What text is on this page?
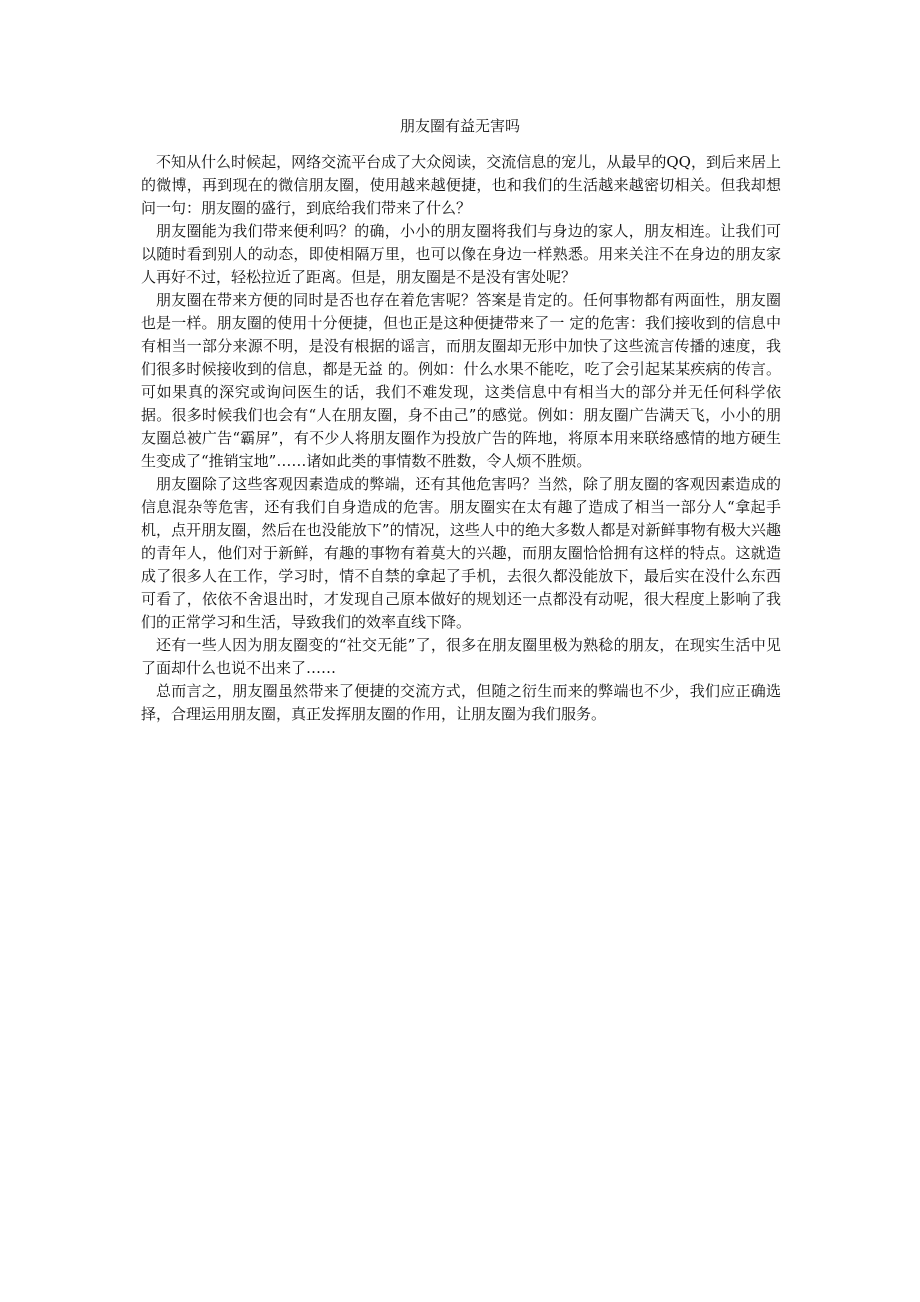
朋友圈有益无害吗

不知从什么时候起，网络交流平台成了大众阅读，交流信息的宠儿，从最早的QQ，到后来居上的微博，再到现在的微信朋友圈，使用越来越便捷，也和我们的生活越来越密切相关。但我却想问一句：朋友圈的盛行，到底给我们带来了什么？

朋友圈能为我们带来便利吗？的确，小小的朋友圈将我们与身边的家人，朋友相连。让我们可以随时看到别人的动态，即使相隔万里，也可以像在身边一样熟悉。用来关注不在身边的朋友家人再好不过，轻松拉近了距离。但是，朋友圈是不是没有害处呢？

朋友圈在带来方便的同时是否也存在着危害呢？答案是肯定的。任何事物都有两面性，朋友圈也是一样。朋友圈的使用十分便捷，但也正是这种便捷带来了一 定的危害：我们接收到的信息中有相当一部分来源不明，是没有根据的谣言，而朋友圈却无形中加快了这些流言传播的速度，我们很多时候接收到的信息，都是无益 的。例如：什么水果不能吃，吃了会引起某某疾病的传言。可如果真的深究或询问医生的话，我们不难发现，这类信息中有相当大的部分并无任何科学依据。很多时候我们也会有“人在朋友圈，身不由己”的感觉。例如：朋友圈广告满天飞，小小的朋友圈总被广告“霸屏”，有不少人将朋友圈作为投放广告的阵地，将原本用来联络感情的地方硬生生变成了“推销宝地”……诸如此类的事情数不胜数，令人烦不胜烦。

朋友圈除了这些客观因素造成的弊端，还有其他危害吗？当然，除了朋友圈的客观因素造成的信息混杂等危害，还有我们自身造成的危害。朋友圈实在太有趣了造成了相当一部分人“拿起手机，点开朋友圈，然后在也没能放下”的情况，这些人中的绝大多数人都是对新鲜事物有极大兴趣的青年人，他们对于新鲜，有趣的事物有着莫大的兴趣，而朋友圈恰恰拥有这样的特点。这就造成了很多人在工作，学习时，情不自禁的拿起了手机，去很久都没能放下，最后实在没什么东西可看了，依依不舍退出时，才发现自己原本做好的规划还一点都没有动呢，很大程度上影响了我们的正常学习和生活，导致我们的效率直线下降。

还有一些人因为朋友圈变的“社交无能”了，很多在朋友圈里极为熟稔的朋友，在现实生活中见了面却什么也说不出来了……

总而言之，朋友圈虽然带来了便捷的交流方式，但随之衍生而来的弊端也不少，我们应正确选择，合理运用朋友圈，真正发挥朋友圈的作用，让朋友圈为我们服务。
